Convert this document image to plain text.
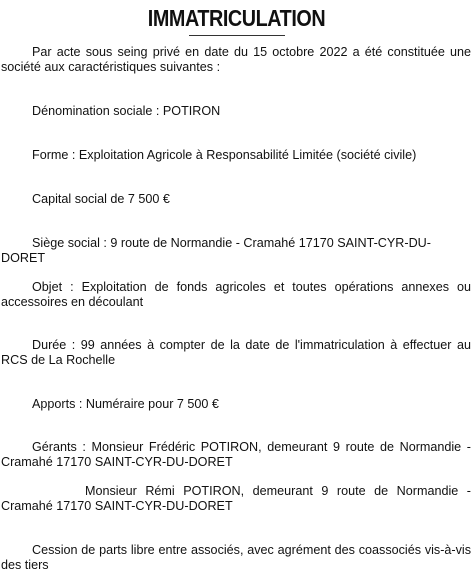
IMMATRICULATION

Par acte sous seing privé en date du 15 octobre 2022 a été constituée une société aux caractéristiques suivantes :

Dénomination sociale : POTIRON

Forme : Exploitation Agricole à Responsabilité Limitée (société civile)

Capital social de 7 500 €

Siège social : 9 route de Normandie - Cramahé 17170 SAINT-CYR-DU-DORET

Objet : Exploitation de fonds agricoles et toutes opérations annexes ou accessoires en découlant

Durée : 99 années à compter de la date de l'immatriculation à effectuer au RCS de La Rochelle

Apports : Numéraire pour 7 500 €

Gérants : Monsieur Frédéric POTIRON, demeurant 9 route de Normandie - Cramahé 17170 SAINT-CYR-DU-DORET

Monsieur Rémi POTIRON, demeurant 9 route de Normandie - Cramahé 17170 SAINT-CYR-DU-DORET

Cession de parts libre entre associés, avec agrément des coassociés vis-à-vis des tiers
